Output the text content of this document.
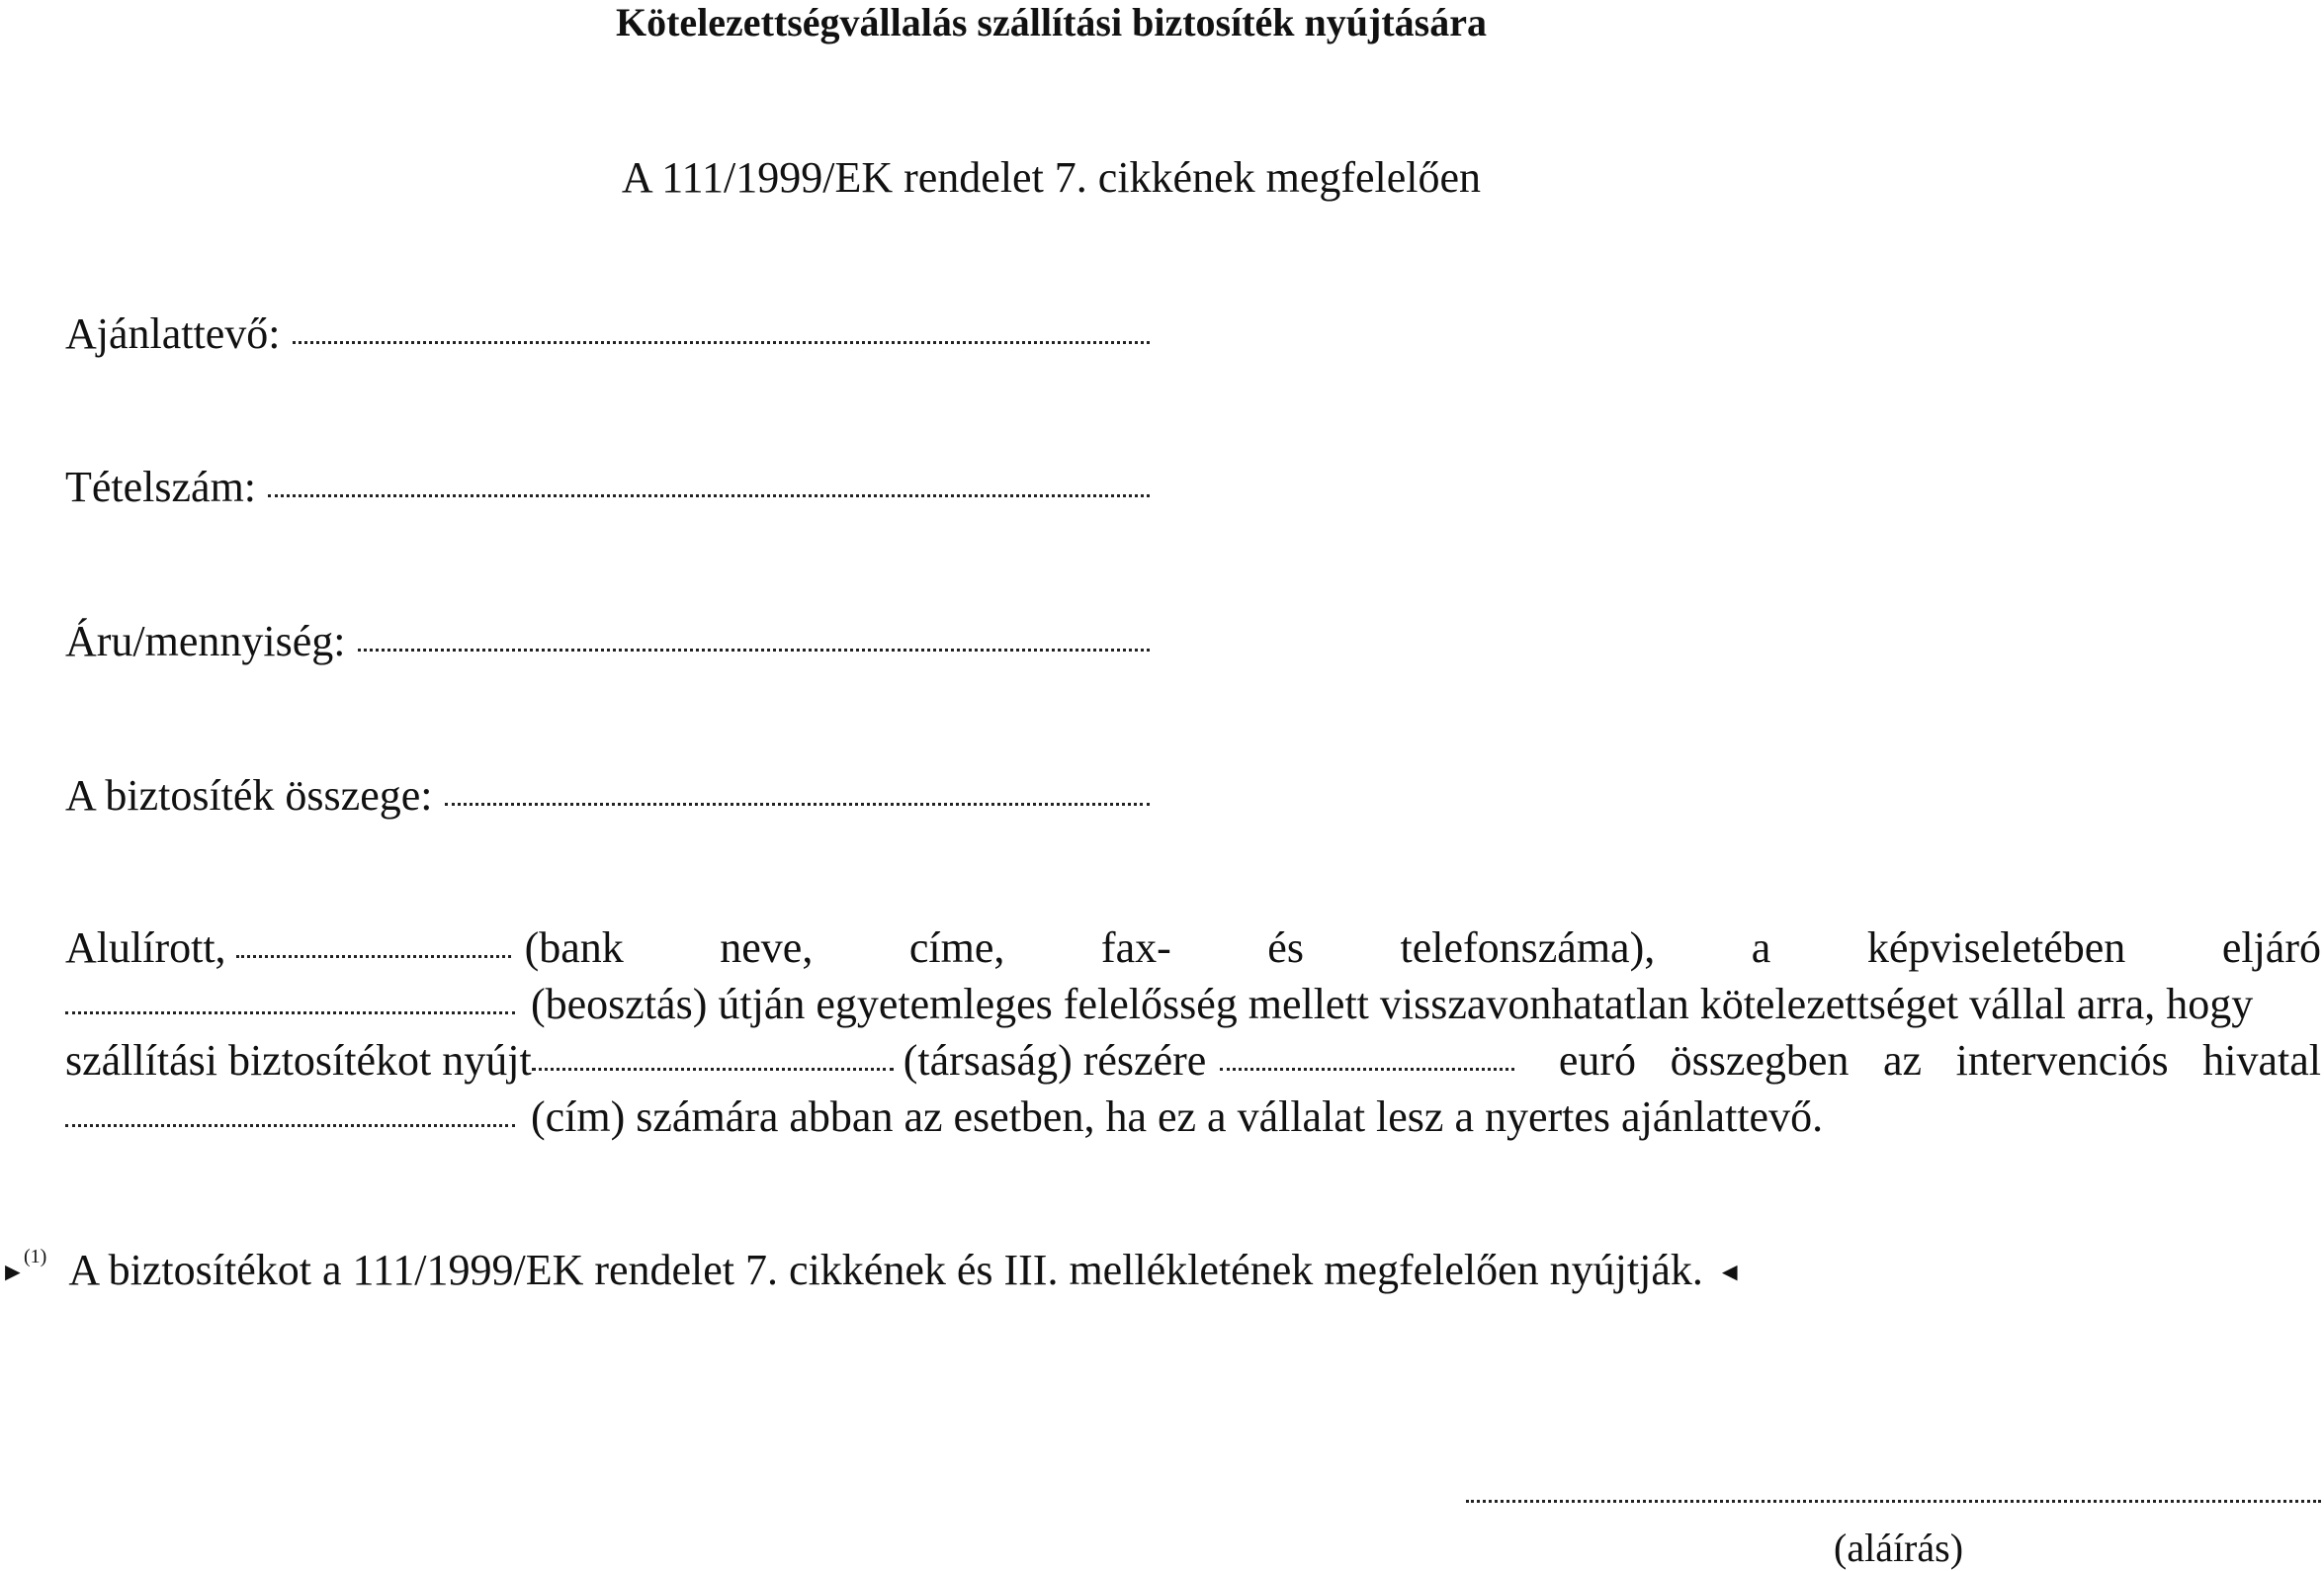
Kötelezettségvállalás szállítási biztosíték nyújtására
A 111/1999/EK rendelet 7. cikkének megfelelően
Ajánlattevő:
Tételszám:
Áru/mennyiség:
A biztosíték összege:
Alulírott,	(bank neve, címe, fax- és telefonszáma), a képviseletében eljáró
(beosztás) útján egyetemleges felelősség mellett visszavonhatatlan kötelezettséget vállal arra, hogy
szállítási biztosítékot nyújt	(társaság) részére	euró összegben az intervenciós hivatal
(cím) számára abban az esetben, ha ez a vállalat lesz a nyertes ajánlattevő.
►
(1) A biztosítékot a 111/1999/EK rendelet 7. cikkének és III. mellékletének megfelelően nyújtják. ◄
(aláírás)
